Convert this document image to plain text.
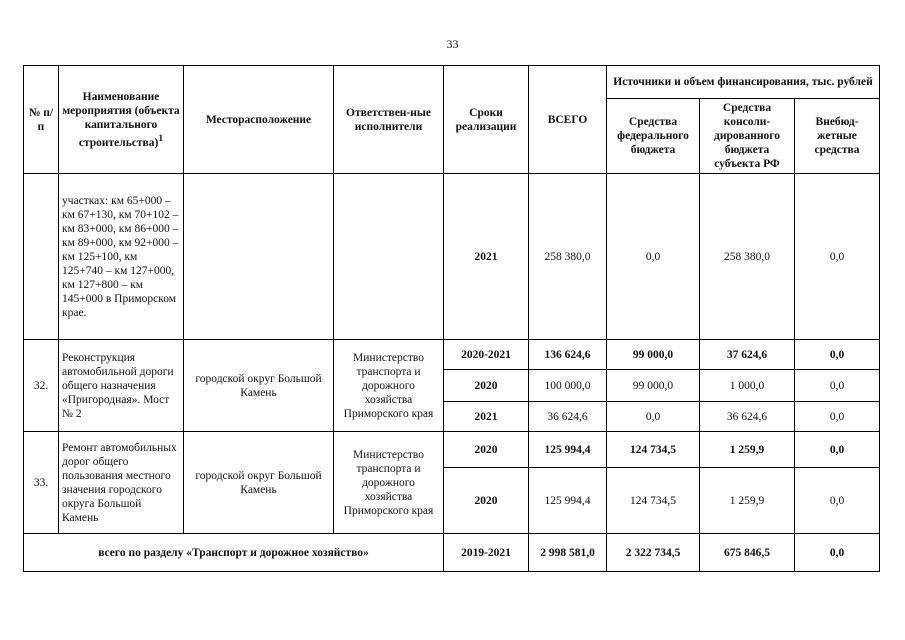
33
№ п/п	Наименование мероприятия (объекта капитального строительства)$^1$	Месторасположение	Ответствен-ные исполнители	Сроки реализации	ВСЕГО	Источники и объем финансирования, тыс. рублей		
						Средства федерального бюджета	Средства консоли-дированного бюджета субъекта РФ	Внебюд-жетные средства
	участках: км 65+000 – км 67+130, км 70+102 – км 83+000, км 86+000 – км 89+000, км 92+000 – км 125+100, км 125+740 – км 127+000, км 127+800 – км 145+000 в Приморском крае.			2021	258 380,0	0,0	258 380,0	0,0
32.	Реконструкция автомобильной дороги общего назначения «Пригородная». Мост № 2	городской округ Большой Камень	Министерство транспорта и дорожного хозяйства Приморского края	2020-2021	136 624,6	99 000,0	37 624,6	0,0
				2020	100 000,0	99 000,0	1 000,0	0,0
				2021	36 624,6	0,0	36 624,6	0,0
33.	Ремонт автомобильных дорог общего пользования местного значения городского округа Большой Камень	городской округ Большой Камень	Министерство транспорта и дорожного хозяйства Приморского края	2020	125 994,4	124 734,5	1 259,9	0,0
				2020	125 994,4	124 734,5	1 259,9	0,0
всего по разделу «Транспорт и дорожное хозяйство»				2019-2021	2 998 581,0	2 322 734,5	675 846,5	0,0
